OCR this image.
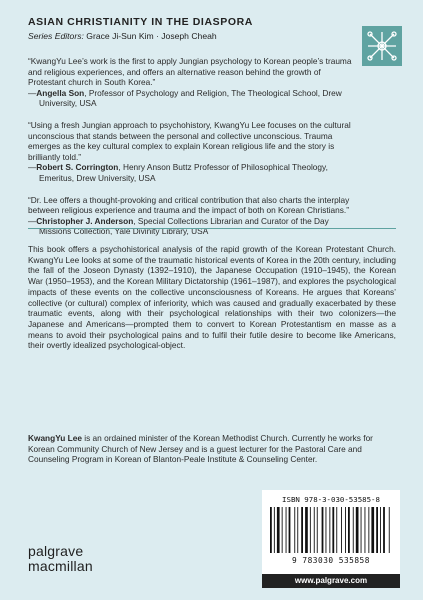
ASIAN CHRISTIANITY IN THE DIASPORA
Series Editors: Grace Ji-Sun Kim · Joseph Cheah

“KwangYu Lee’s work is the first to apply Jungian psychology to Korean people’s trauma and religious experiences, and offers an alternative reason behind the growth of Protestant church in South Korea.”

—Angella Son, Professor of Psychology and Religion, The Theological School, Drew University, USA

“Using a fresh Jungian approach to psychohistory, KwangYu Lee focuses on the cultural unconscious that stands between the personal and collective unconscious. Trauma emerges as the key cultural complex to explain Korean religious life and the story is brilliantly told.”

—Robert S. Corrington, Henry Anson Buttz Professor of Philosophical Theology, Emeritus, Drew University, USA

“Dr. Lee offers a thought-provoking and critical contribution that also charts the interplay between religious experience and trauma and the impact of both on Korean Christians.”

—Christopher J. Anderson, Special Collections Librarian and Curator of the Day Missions Collection, Yale Divinity Library, USA

This book offers a psychohistorical analysis of the rapid growth of the Korean Protestant Church. KwangYu Lee looks at some of the traumatic historical events of Korea in the 20th century, including the fall of the Joseon Dynasty (1392–1910), the Japanese Occupation (1910–1945), the Korean War (1950–1953), and the Korean Military Dictatorship (1961–1987), and explores the psychological impacts of these events on the collective unconsciousness of Koreans. He argues that Koreans’ collective (or cultural) complex of inferiority, which was caused and gradually exacerbated by these traumatic events, along with their psychological relationships with their two colonizers—the Japanese and Americans—prompted them to convert to Korean Protestantism en masse as a means to avoid their psychological pains and to fulfil their futile desire to become like Americans, their overtly idealized psychological-object.

KwangYu Lee is an ordained minister of the Korean Methodist Church. Currently he works for Korean Community Church of New Jersey and is a guest lecturer for the Pastoral Care and Counseling Program in Korean of Blanton-Peale Institute & Counseling Center.

palgrave
macmillan
ISBN 978-3-030-53585-8
9 783030 535858
www.palgrave.com
